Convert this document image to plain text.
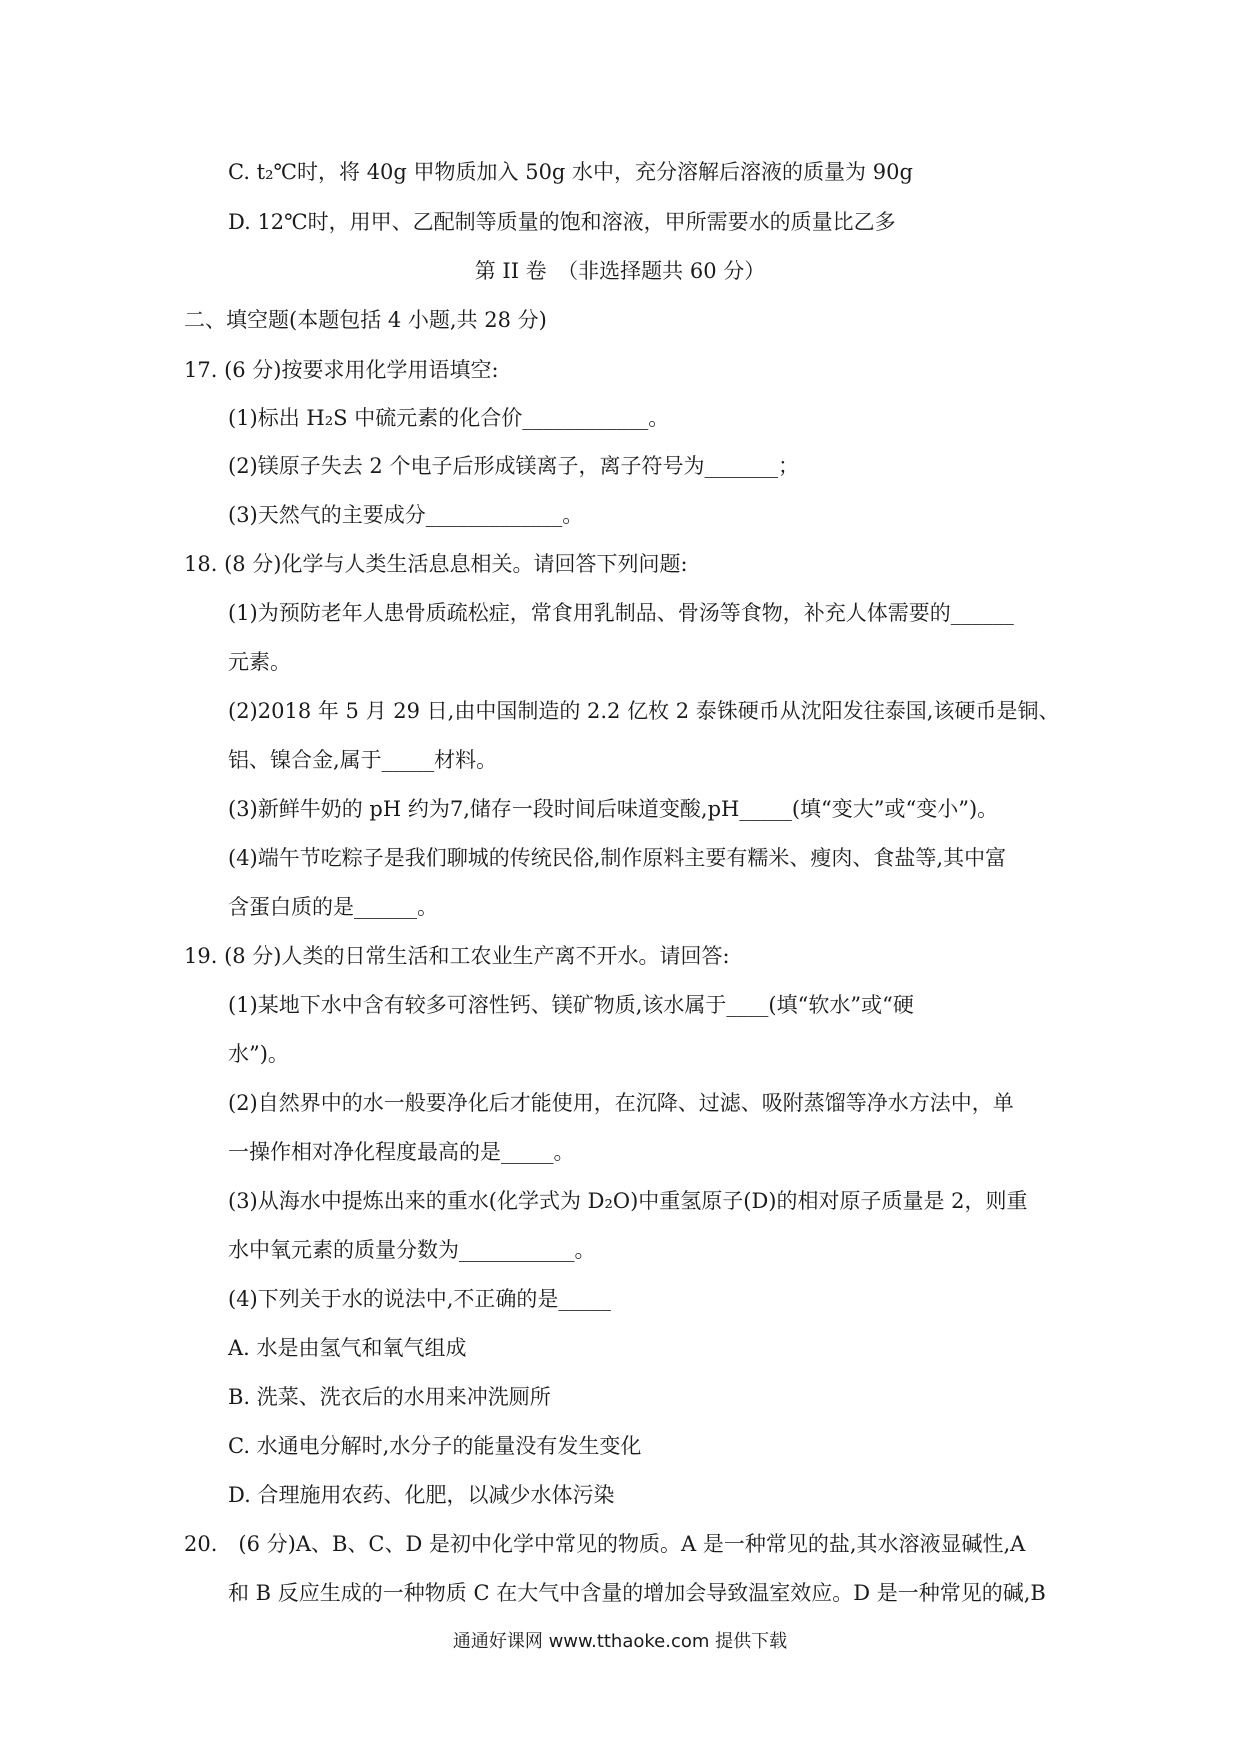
C. t₂℃时，将 40g 甲物质加入 50g 水中，充分溶解后溶液的质量为 90g
D. 12℃时，用甲、乙配制等质量的饱和溶液，甲所需要水的质量比乙多
第 II 卷　（非选择题共 60 分）
二、填空题(本题包括 4 小题,共 28 分)
17. (6 分)按要求用化学用语填空:
(1)标出 H₂S 中硫元素的化合价____________。
(2)镁原子失去 2 个电子后形成镁离子，离子符号为_______；
(3)天然气的主要成分_____________。
18. (8 分)化学与人类生活息息相关。请回答下列问题:
(1)为预防老年人患骨质疏松症，常食用乳制品、骨汤等食物，补充人体需要的______
元素。
(2)2018 年 5 月 29 日,由中国制造的 2.2 亿枚 2 泰铢硬币从沈阳发往泰国,该硬币是铜、
铝、镍合金,属于_____材料。
(3)新鲜牛奶的 pH 约为7,储存一段时间后味道变酸,pH_____(填“变大”或“变小”)。
(4)端午节吃粽子是我们聊城的传统民俗,制作原料主要有糯米、瘦肉、食盐等,其中富
含蛋白质的是______。
19. (8 分)人类的日常生活和工农业生产离不开水。请回答:
(1)某地下水中含有较多可溶性钙、镁矿物质,该水属于____(填“软水”或“硬
水”)。
(2)自然界中的水一般要净化后才能使用，在沉降、过滤、吸附蒸馏等净水方法中，单
一操作相对净化程度最高的是_____。
(3)从海水中提炼出来的重水(化学式为 D₂O)中重氢原子(D)的相对原子质量是 2，则重
水中氧元素的质量分数为___________。
(4)下列关于水的说法中,不正确的是_____
A. 水是由氢气和氧气组成
B. 洗菜、洗衣后的水用来冲洗厕所
C. 水通电分解时,水分子的能量没有发生变化
D. 合理施用农药、化肥，以减少水体污染
20.　(6 分)A、B、C、D 是初中化学中常见的物质。A 是一种常见的盐,其水溶液显碱性,A
和 B 反应生成的一种物质 C 在大气中含量的增加会导致温室效应。D 是一种常见的碱,B
通通好课网 www.tthaoke.com 提供下载
